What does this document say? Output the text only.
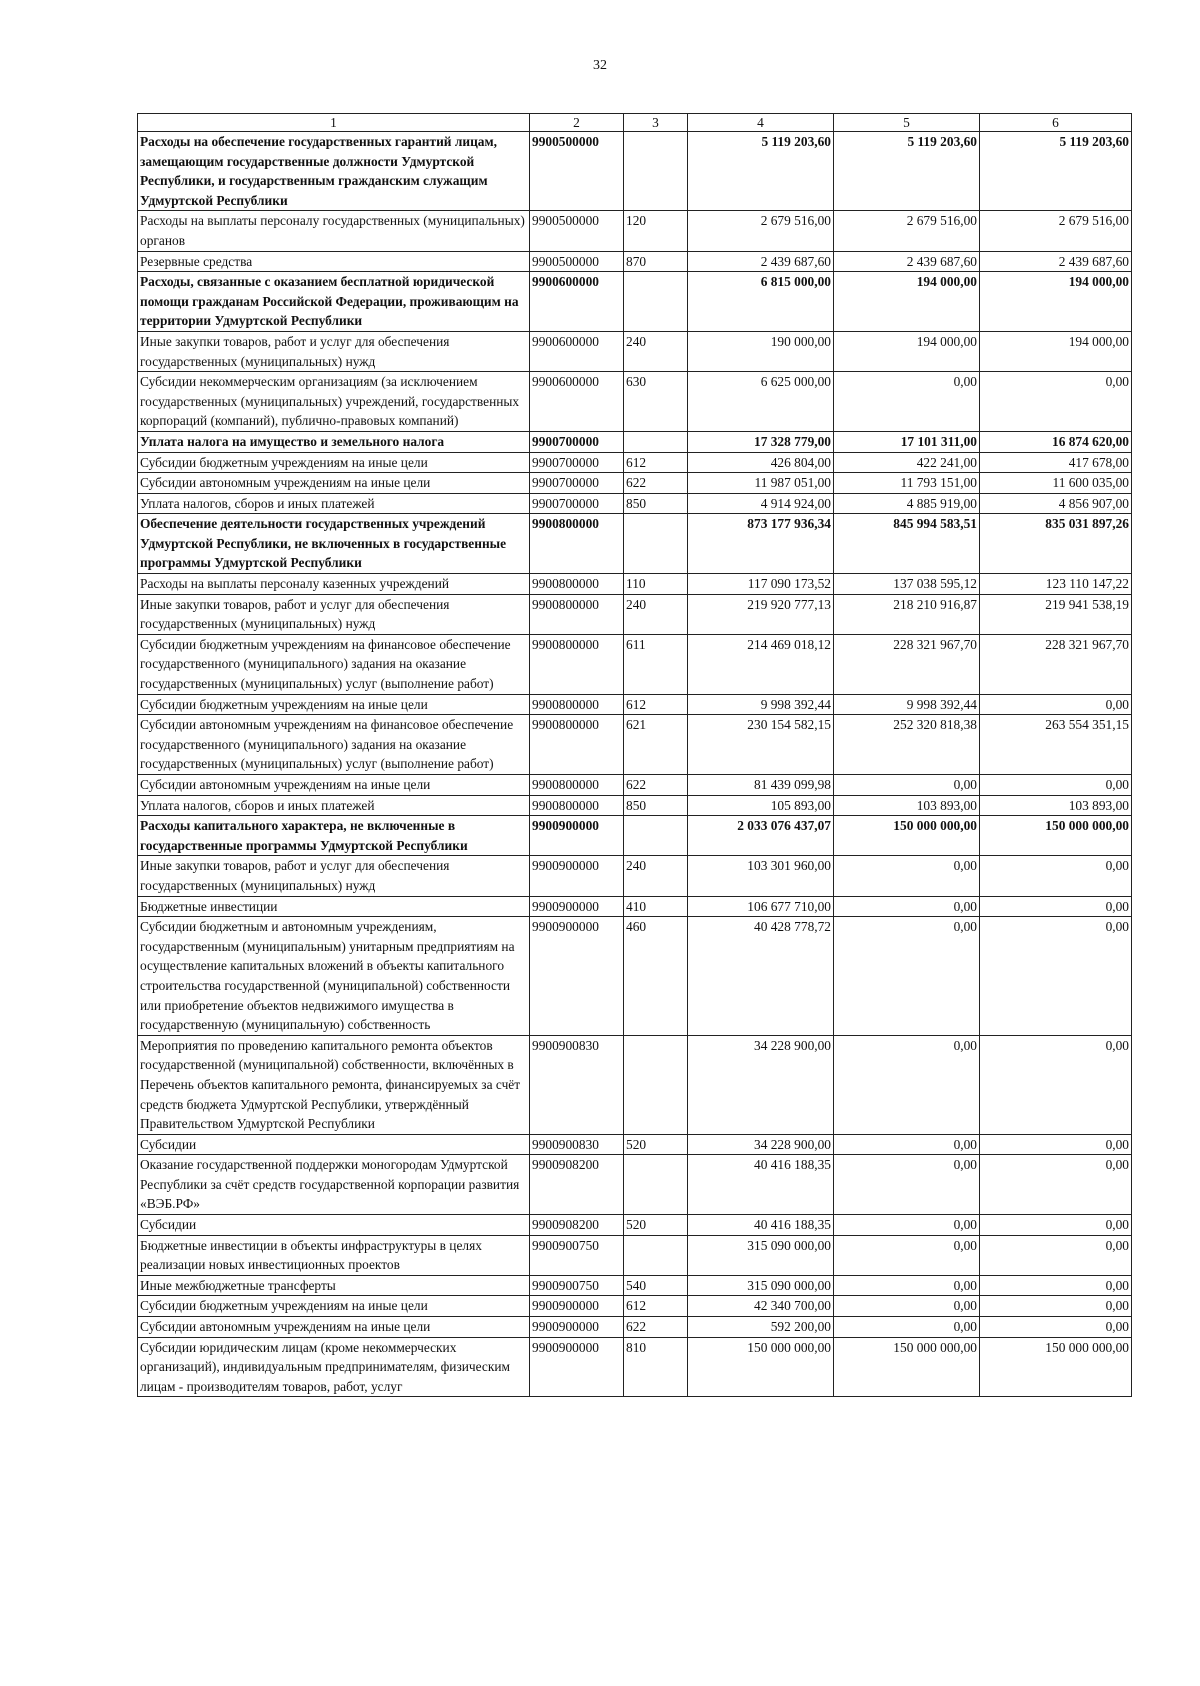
32
1	2	3	4	5	6
Расходы на обеспечение государственных гарантий лицам, замещающим государственные должности Удмуртской Республики, и государственным гражданским служащим Удмуртской Республики	9900500000		5 119 203,60	5 119 203,60	5 119 203,60
Расходы на выплаты персоналу государственных (муниципальных) органов	9900500000	120	2 679 516,00	2 679 516,00	2 679 516,00
Резервные средства	9900500000	870	2 439 687,60	2 439 687,60	2 439 687,60
Расходы, связанные с оказанием бесплатной юридической помощи гражданам Российской Федерации, проживающим на территории Удмуртской Республики	9900600000		6 815 000,00	194 000,00	194 000,00
Иные закупки товаров, работ и услуг для обеспечения государственных (муниципальных) нужд	9900600000	240	190 000,00	194 000,00	194 000,00
Субсидии некоммерческим организациям (за исключением государственных (муниципальных) учреждений, государственных корпораций (компаний), публично-правовых компаний)	9900600000	630	6 625 000,00	0,00	0,00
Уплата налога на имущество и земельного налога	9900700000		17 328 779,00	17 101 311,00	16 874 620,00
Субсидии бюджетным учреждениям на иные цели	9900700000	612	426 804,00	422 241,00	417 678,00
Субсидии автономным учреждениям на иные цели	9900700000	622	11 987 051,00	11 793 151,00	11 600 035,00
Уплата налогов, сборов и иных платежей	9900700000	850	4 914 924,00	4 885 919,00	4 856 907,00
Обеспечение деятельности государственных учреждений Удмуртской Республики, не включенных в государственные программы Удмуртской Республики	9900800000		873 177 936,34	845 994 583,51	835 031 897,26
Расходы на выплаты персоналу казенных учреждений	9900800000	110	117 090 173,52	137 038 595,12	123 110 147,22
Иные закупки товаров, работ и услуг для обеспечения государственных (муниципальных) нужд	9900800000	240	219 920 777,13	218 210 916,87	219 941 538,19
Субсидии бюджетным учреждениям на финансовое обеспечение государственного (муниципального) задания на оказание государственных (муниципальных) услуг (выполнение работ)	9900800000	611	214 469 018,12	228 321 967,70	228 321 967,70
Субсидии бюджетным учреждениям на иные цели	9900800000	612	9 998 392,44	9 998 392,44	0,00
Субсидии автономным учреждениям на финансовое обеспечение государственного (муниципального) задания на оказание государственных (муниципальных) услуг (выполнение работ)	9900800000	621	230 154 582,15	252 320 818,38	263 554 351,15
Субсидии автономным учреждениям на иные цели	9900800000	622	81 439 099,98	0,00	0,00
Уплата налогов, сборов и иных платежей	9900800000	850	105 893,00	103 893,00	103 893,00
Расходы капитального характера, не включенные в государственные программы Удмуртской Республики	9900900000		2 033 076 437,07	150 000 000,00	150 000 000,00
Иные закупки товаров, работ и услуг для обеспечения государственных (муниципальных) нужд	9900900000	240	103 301 960,00	0,00	0,00
Бюджетные инвестиции	9900900000	410	106 677 710,00	0,00	0,00
Субсидии бюджетным и автономным учреждениям, государственным (муниципальным) унитарным предприятиям на осуществление капитальных вложений в объекты капитального строительства государственной (муниципальной) собственности или приобретение объектов недвижимого имущества в государственную (муниципальную) собственность	9900900000	460	40 428 778,72	0,00	0,00
Мероприятия по проведению капитального ремонта объектов государственной (муниципальной) собственности, включённых в Перечень объектов капитального ремонта, финансируемых за счёт средств бюджета Удмуртской Республики, утверждённый Правительством Удмуртской Республики	9900900830		34 228 900,00	0,00	0,00
Субсидии	9900900830	520	34 228 900,00	0,00	0,00
Оказание государственной поддержки моногородам Удмуртской Республики за счёт средств государственной корпорации развития «ВЭБ.РФ»	9900908200		40 416 188,35	0,00	0,00
Субсидии	9900908200	520	40 416 188,35	0,00	0,00
Бюджетные инвестиции в объекты инфраструктуры в целях реализации новых инвестиционных проектов	9900900750		315 090 000,00	0,00	0,00
Иные межбюджетные трансферты	9900900750	540	315 090 000,00	0,00	0,00
Субсидии бюджетным учреждениям на иные цели	9900900000	612	42 340 700,00	0,00	0,00
Субсидии автономным учреждениям на иные цели	9900900000	622	592 200,00	0,00	0,00
Субсидии юридическим лицам (кроме некоммерческих организаций), индивидуальным предпринимателям, физическим лицам - производителям товаров, работ, услуг	9900900000	810	150 000 000,00	150 000 000,00	150 000 000,00
